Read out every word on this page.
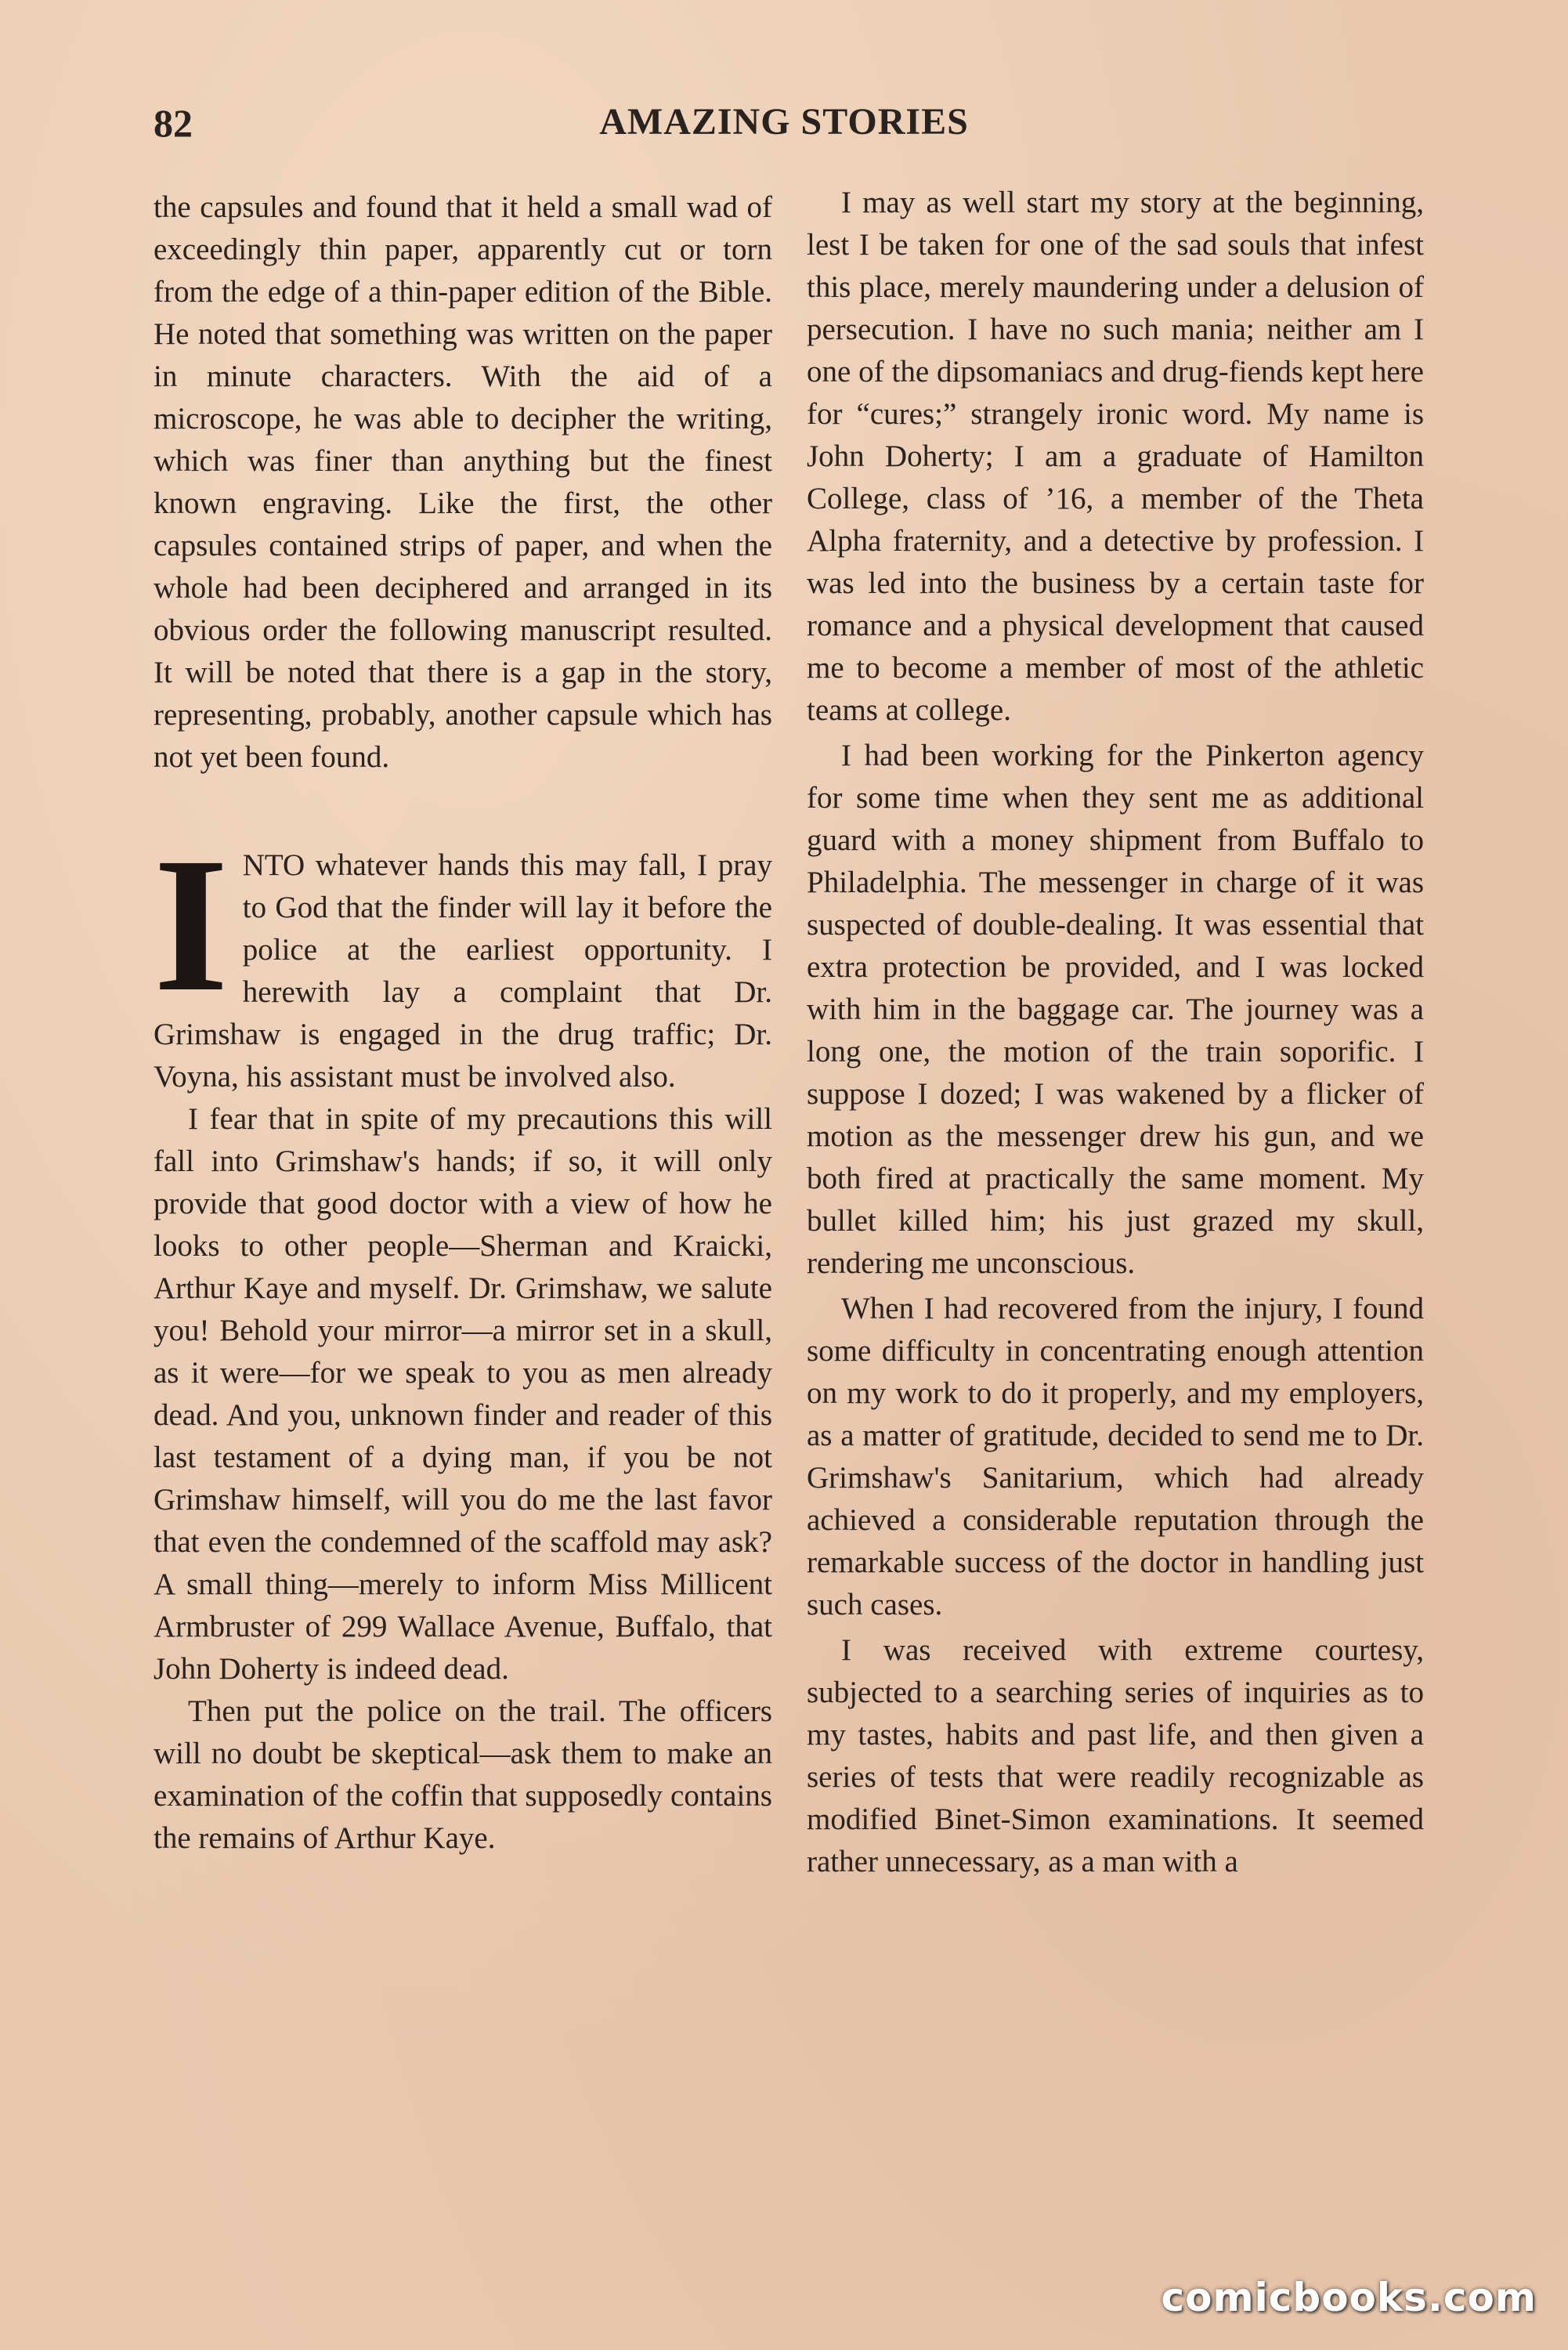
82	AMAZING STORIES

the capsules and found that it held a small wad of exceedingly thin paper, apparently cut or torn from the edge of a thin-paper edition of the Bible. He noted that something was written on the paper in minute characters. With the aid of a microscope, he was able to decipher the writing, which was finer than anything but the finest known engraving. Like the first, the other capsules contained strips of paper, and when the whole had been deciphered and arranged in its obvious order the following manuscript resulted. It will be noted that there is a gap in the story, representing, probably, another capsule which has not yet been found.

INTO whatever hands this may fall, I pray to God that the finder will lay it before the police at the earliest opportunity. I herewith lay a complaint that Dr. Grimshaw is engaged in the drug traffic; Dr. Voyna, his assistant must be involved also.

I fear that in spite of my precautions this will fall into Grimshaw's hands; if so, it will only provide that good doctor with a view of how he looks to other people—Sherman and Kraicki, Arthur Kaye and myself. Dr. Grimshaw, we salute you! Behold your mirror—a mirror set in a skull, as it were—for we speak to you as men already dead. And you, unknown finder and reader of this last testament of a dying man, if you be not Grimshaw himself, will you do me the last favor that even the condemned of the scaffold may ask? A small thing—merely to inform Miss Millicent Armbruster of 299 Wallace Avenue, Buffalo, that John Doherty is indeed dead.

Then put the police on the trail. The officers will no doubt be skeptical—ask them to make an examination of the coffin that supposedly contains the remains of Arthur Kaye.

I may as well start my story at the beginning, lest I be taken for one of the sad souls that infest this place, merely maundering under a delusion of persecution. I have no such mania; neither am I one of the dipsomaniacs and drug-fiends kept here for “cures;” strangely ironic word. My name is John Doherty; I am a graduate of Hamilton College, class of ’16, a member of the Theta Alpha fraternity, and a detective by profession. I was led into the business by a certain taste for romance and a physical development that caused me to become a member of most of the athletic teams at college.

I had been working for the Pinkerton agency for some time when they sent me as additional guard with a money shipment from Buffalo to Philadelphia. The messenger in charge of it was suspected of double-dealing. It was essential that extra protection be provided, and I was locked with him in the baggage car. The journey was a long one, the motion of the train soporific. I suppose I dozed; I was wakened by a flicker of motion as the messenger drew his gun, and we both fired at practically the same moment. My bullet killed him; his just grazed my skull, rendering me unconscious.

When I had recovered from the injury, I found some difficulty in concentrating enough attention on my work to do it properly, and my employers, as a matter of gratitude, decided to send me to Dr. Grimshaw's Sanitarium, which had already achieved a considerable reputation through the remarkable success of the doctor in handling just such cases.

I was received with extreme courtesy, subjected to a searching series of inquiries as to my tastes, habits and past life, and then given a series of tests that were readily recognizable as modified Binet-Simon examinations. It seemed rather unnecessary, as a man with a

comicbooks.com
